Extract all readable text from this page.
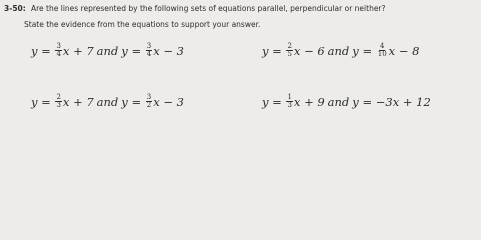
3-50: Are the lines represented by the following sets of equations parallel, perpendicular or neither?
State the evidence from the equations to support your answer.
$y = \frac{3}{4}$ x + 7 and $y = \frac{3}{4}$ x − 3	$y = \frac{2}{5}$ x − 6 and $y = \frac{4}{10}$ x − 8
$y = \frac{2}{3}$ x + 7 and $y = \frac{3}{2}$ x − 3	$y = \frac{1}{3}$ x + 9 and y = −3x + 12
